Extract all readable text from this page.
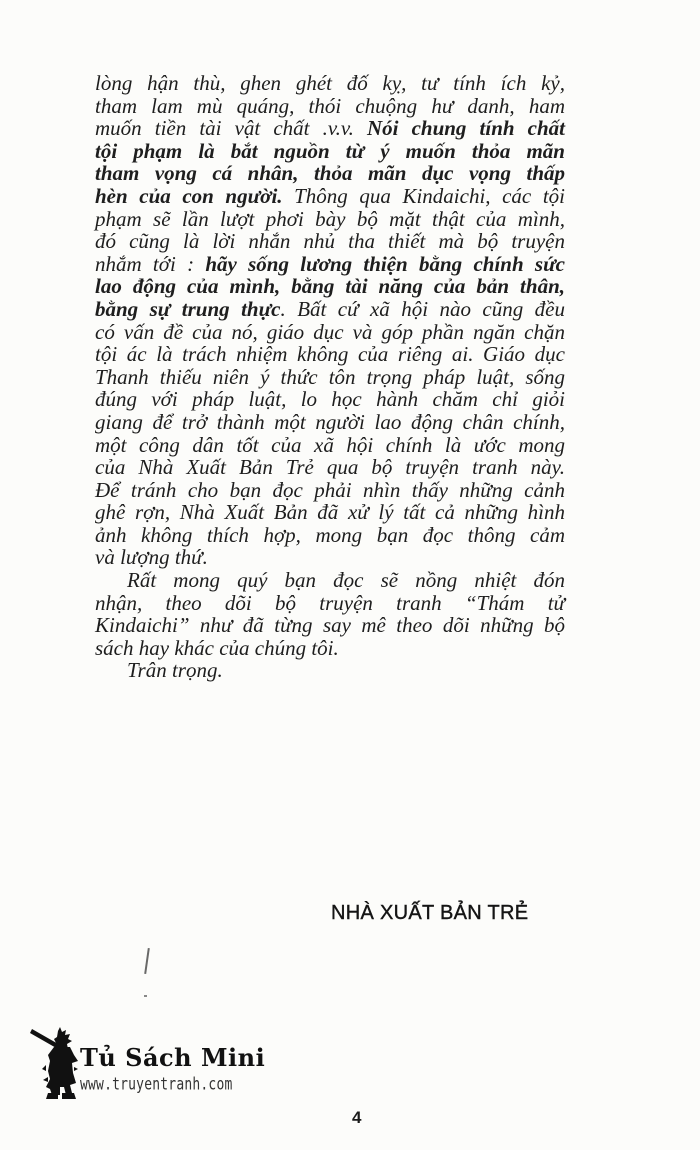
lòng hận thù, ghen ghét đố kỵ, tư tính ích kỷ,
tham lam mù quáng, thói chuộng hư danh, ham
muốn tiền tài vật chất .v.v. Nói chung tính chất
tội phạm là bắt nguồn từ ý muốn thỏa mãn
tham vọng cá nhân, thỏa mãn dục vọng thấp
hèn của con người. Thông qua Kindaichi, các tội
phạm sẽ lần lượt phơi bày bộ mặt thật của mình,
đó cũng là lời nhắn nhủ tha thiết mà bộ truyện
nhắm tới : hãy sống lương thiện bằng chính sức
lao động của mình, bằng tài năng của bản thân,
bằng sự trung thực. Bất cứ xã hội nào cũng đều
có vấn đề của nó, giáo dục và góp phần ngăn chặn
tội ác là trách nhiệm không của riêng ai. Giáo dục
Thanh thiếu niên ý thức tôn trọng pháp luật, sống
đúng với pháp luật, lo học hành chăm chỉ giỏi
giang để trở thành một người lao động chân chính,
một công dân tốt của xã hội chính là ước mong
của Nhà Xuất Bản Trẻ qua bộ truyện tranh này.
Để tránh cho bạn đọc phải nhìn thấy những cảnh
ghê rợn, Nhà Xuất Bản đã xử lý tất cả những hình
ảnh không thích hợp, mong bạn đọc thông cảm
và lượng thứ.
Rất mong quý bạn đọc sẽ nồng nhiệt đón
nhận, theo dõi bộ truyện tranh “Thám tử
Kindaichi” như đã từng say mê theo dõi những bộ
sách hay khác của chúng tôi.
Trân trọng.
NHÀ XUẤT BẢN TRẺ
Tủ Sách Mini
www.truyentranh.com
4
